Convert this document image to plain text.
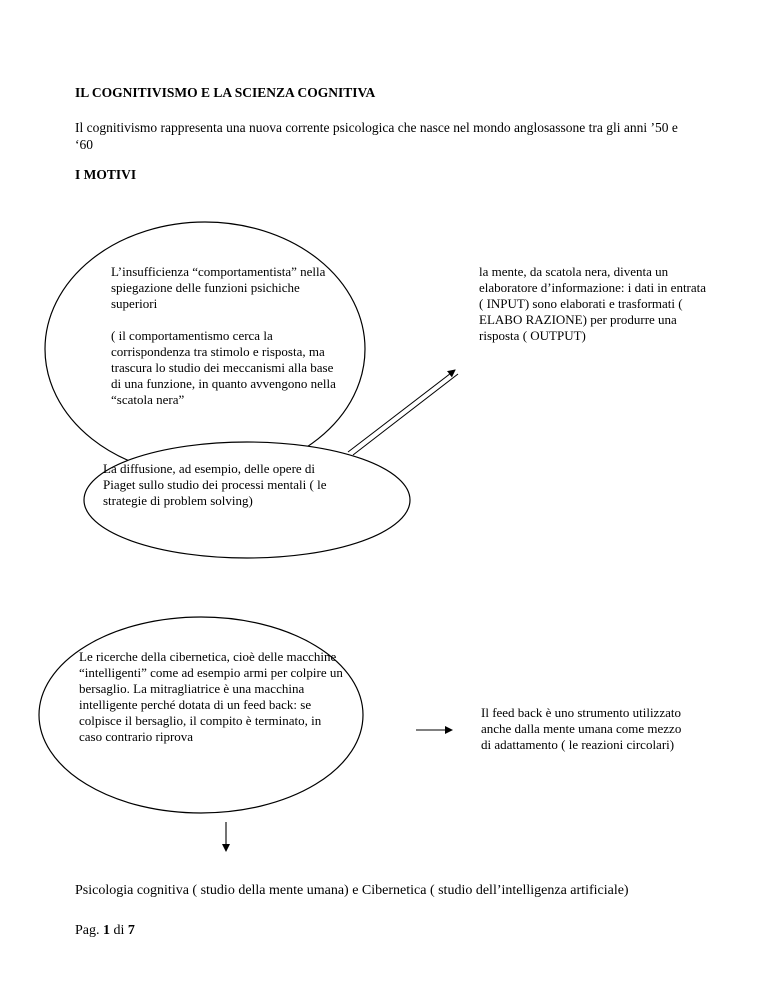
IL COGNITIVISMO E LA SCIENZA COGNITIVA

Il cognitivismo rappresenta una nuova corrente psicologica che nasce nel mondo anglosassone tra gli anni ’50 e ‘60

I MOTIVI

L’insufficienza “comportamentista” nella spiegazione delle funzioni psichiche superiori
( il comportamentismo cerca la corrispondenza tra stimolo e risposta, ma trascura lo studio dei meccanismi alla base di una funzione, in quanto avvengono nella “scatola nera”
La diffusione, ad esempio, delle opere di Piaget sullo studio dei processi mentali ( le strategie di problem solving)
la mente, da scatola nera, diventa un elaboratore d’informazione: i dati in entrata ( INPUT) sono elaborati e trasformati ( ELABO RAZIONE) per produrre una risposta ( OUTPUT)
Le ricerche della cibernetica, cioè delle macchine “intelligenti” come ad esempio armi per colpire un bersaglio. La mitragliatrice è una macchina intelligente perché dotata di un feed back: se colpisce il bersaglio, il compito è terminato, in caso contrario riprova
Il feed back è uno strumento utilizzato anche dalla mente umana come mezzo di adattamento ( le reazioni circolari)
Psicologia cognitiva ( studio della mente umana) e Cibernetica ( studio dell’intelligenza artificiale)
Pag. 1 di 7
